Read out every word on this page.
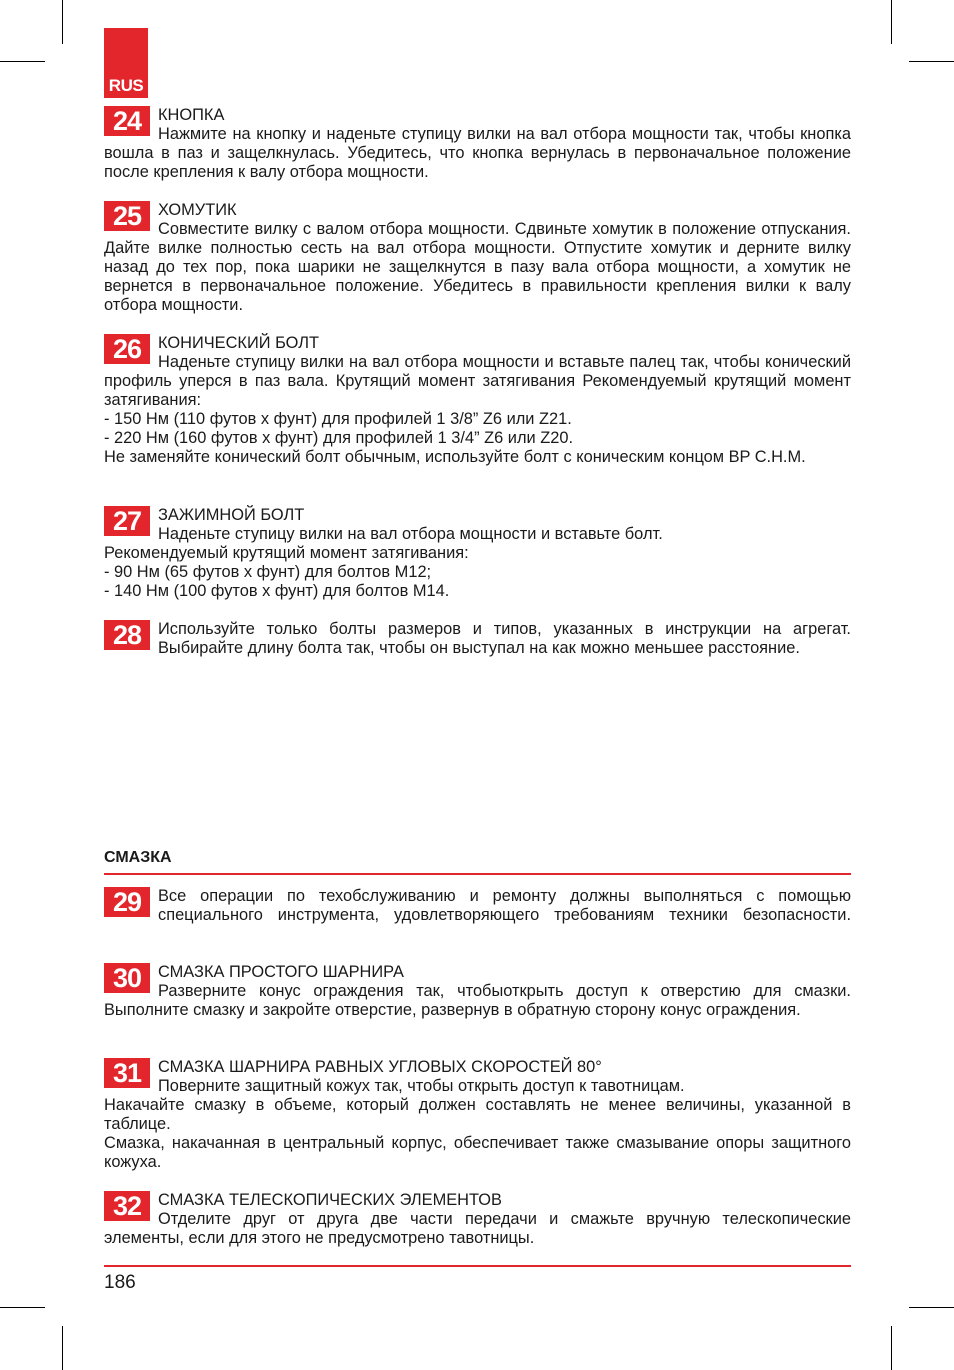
RUS
24	КНОПКА

Нажмите на кнопку и наденьте ступицу вилки на вал отбора мощности так, чтобы кнопка вошла в паз и защелкнулась. Убедитесь, что кнопка вернулась в первоначальное положение после крепления к валу отбора мощности.

25	ХОМУТИК

Совместите вилку с валом отбора мощности. Сдвиньте хомутик в положение отпускания. Дайте вилке полностью сесть на вал отбора мощности. Отпустите хомутик и дерните вилку назад до тех пор, пока шарики не защелкнутся в пазу вала отбора мощности, а хомутик не вернется в первоначальное положение. Убедитесь в правильности крепления вилки к валу отбора мощности.

26	КОНИЧЕСКИЙ БОЛТ

Наденьте ступицу вилки на вал отбора мощности и вставьте палец так, чтобы конический профиль уперся в паз вала. Крутящий момент затягивания Рекомендуемый крутящий момент затягивания:

- 150 Нм (110 футов x фунт) для профилей 1 3/8” Z6 или Z21.

- 220 Нм (160 футов x фунт) для профилей 1 3/4” Z6 или Z20.

Не заменяйте конический болт обычным, используйте болт с коническим концом BP C.H.M.

27	ЗАЖИМНОЙ БОЛТ

Наденьте ступицу вилки на вал отбора мощности и вставьте болт.

Рекомендуемый крутящий момент затягивания:

- 90 Нм (65 футов x фунт) для болтов M12;

- 140 Нм (100 футов x фунт) для болтов M14.

28	Используйте только болты размеров и типов, указанных в инструкции на агрегат. Выбирайте длину болта так, чтобы он выступал на как можно меньшее расстояние.

СМАЗКА
29	Все операции по техобслуживанию и ремонту должны выполняться с помощью специального инструмента, удовлетворяющего требованиям техники безопасности.

30	СМАЗКА ПРОСТОГО ШАРНИРА

Разверните конус ограждения так, чтобыоткрыть доступ к отверстию для смазки. Выполните смазку и закройте отверстие, развернув в обратную сторону конус ограждения.

31	СМАЗКА ШАРНИРА РАВНЫХ УГЛОВЫХ СКОРОСТЕЙ 80°

Поверните защитный кожух так, чтобы открыть доступ к тавотницам.

Накачайте смазку в объеме, который должен составлять не менее величины, указанной в таблице.

Смазка, накачанная в центральный корпус, обеспечивает также смазывание опоры защитного кожуха.

32	СМАЗКА ТЕЛЕСКОПИЧЕСКИХ ЭЛЕМЕНТОВ

Отделите друг от друга две части передачи и смажьте вручную телескопические элементы, если для этого не предусмотрено тавотницы.

186
